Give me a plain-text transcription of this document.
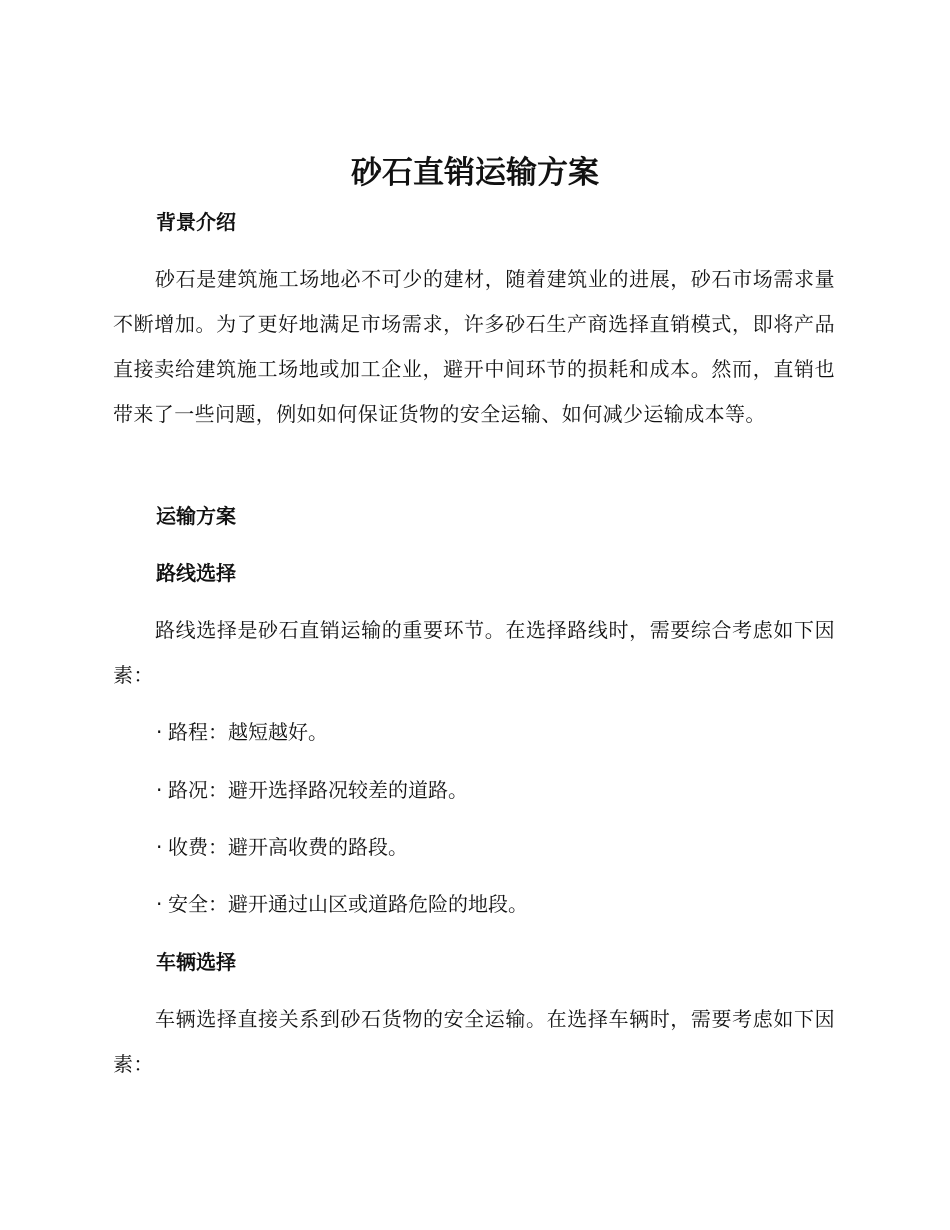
砂石直销运输方案
背景介绍

砂石是建筑施工场地必不可少的建材，随着建筑业的进展，砂石市场需求量不断增加。为了更好地满足市场需求，许多砂石生产商选择直销模式，即将产品直接卖给建筑施工场地或加工企业，避开中间环节的损耗和成本。然而，直销也带来了一些问题，例如如何保证货物的安全运输、如何减少运输成本等。

运输方案
路线选择

路线选择是砂石直销运输的重要环节。在选择路线时，需要综合考虑如下因素：

· 路程：越短越好。

· 路况：避开选择路况较差的道路。

· 收费：避开高收费的路段。

· 安全：避开通过山区或道路危险的地段。

车辆选择

车辆选择直接关系到砂石货物的安全运输。在选择车辆时，需要考虑如下因素：
